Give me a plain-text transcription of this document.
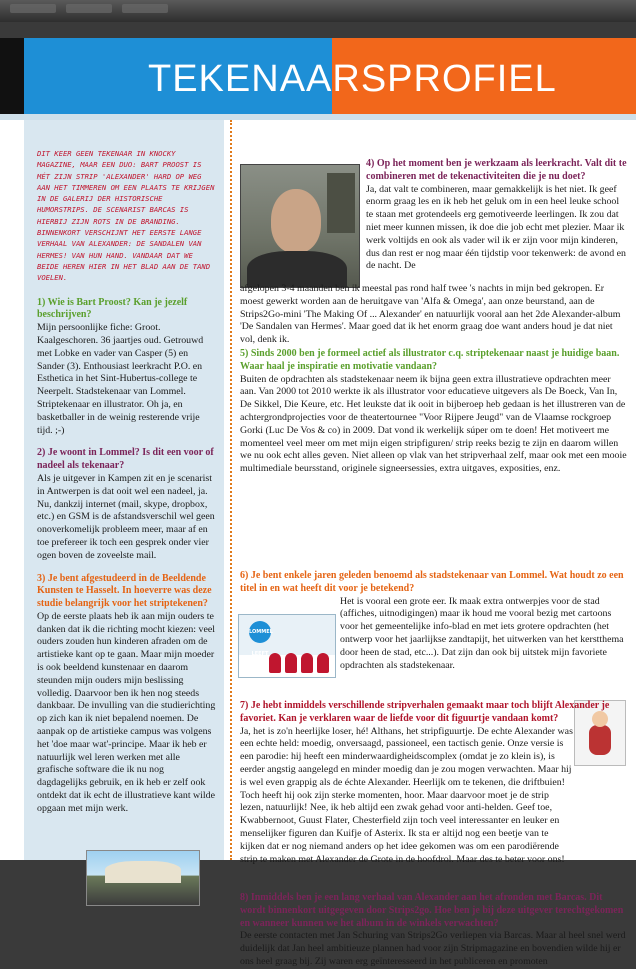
TEKENAARSPROFIEL

DIT KEER GEEN TEKENAAR IN KNOCKY MAGAZINE, MAAR EEN DUO: BART PROOST IS MÉT ZIJN STRIP 'ALEXANDER' HARD OP WEG AAN HET TIMMEREN OM EEN PLAATS TE KRIJGEN IN DE GALERIJ DER HISTORISCHE HUMORSTRIPS. DE SCENARIST BARCAS IS HIERBIJ ZIJN ROTS IN DE BRANDING. BINNENKORT VERSCHIJNT HET EERSTE LANGE VERHAAL VAN ALEXANDER: DE SANDALEN VAN HERMES! VAN HUN HAND. VANDAAR DAT WE BEIDE HEREN HIER IN HET BLAD AAN DE TAND VOELEN.

1) Wie is Bart Proost? Kan je jezelf beschrijven?

Mijn persoonlijke fiche: Groot. Kaalgeschoren. 36 jaartjes oud. Getrouwd met Lobke en vader van Casper (5) en Sander (3). Enthousiast leerkracht P.O. en Esthetica in het Sint-Hubertus-college te Neerpelt. Stadstekenaar van Lommel. Striptekenaar en illustrator. Oh ja, en basketballer in de weinig resterende vrije tijd. ;-)

2) Je woont in Lommel? Is dit een voor of nadeel als tekenaar?

Als je uitgever in Kampen zit en je scenarist in Antwerpen is dat ooit wel een nadeel, ja. Nu, dankzij internet (mail, skype, dropbox, etc.) en GSM is de afstandsverschil wel geen onoverkomelijk probleem meer, maar af en toe prefereer ik toch een gesprek onder vier ogen boven de zoveelste mail.

3) Je bent afgestudeerd in de Beeldende Kunsten te Hasselt. In hoeverre was deze studie belangrijk voor het striptekenen?

Op de eerste plaats heb ik aan mijn ouders te danken dat ik die richting mocht kiezen: veel ouders zouden hun kinderen afraden om de artistieke kant op te gaan. Maar mijn moeder is ook beeldend kunstenaar en daarom steunden mijn ouders mijn beslissing volledig. Daarvoor ben ik hen nog steeds dankbaar. De invulling van die studierichting op zich kan ik niet bepalend noemen. De aanpak op de artistieke campus was volgens het 'doe maar wat'-principe. Maar ik heb er natuurlijk wel leren werken met alle grafische software die ik nu nog dagdagelijks gebruik, en ik heb er zelf ook ontdekt dat ik echt de illustratieve kant wilde opgaan met mijn werk.

4) Op het moment ben je werkzaam als leerkracht. Valt dit te combineren met de tekenactiviteiten die je nu doet?

Ja, dat valt te combineren, maar gemakkelijk is het niet. Ik geef enorm graag les en ik heb het geluk om in een heel leuke school te staan met grotendeels erg gemotiveerde leerlingen. Ik zou dat niet meer kunnen missen, ik doe die job echt met plezier. Maar ik werk voltijds en ook als vader wil ik er zijn voor mijn kinderen, dus dan rest er nog maar één tijdstip voor tekenwerk: de avond en de nacht. De

afgelopen 3-4 maanden ben ik meestal pas rond half twee 's nachts in mijn bed gekropen. Er moest gewerkt worden aan de heruitgave van 'Alfa & Omega', aan onze beurstand, aan de Strips2Go-mini 'The Making Of ... Alexander' en natuurlijk vooral aan het 2de Alexander-album 'De Sandalen van Hermes'. Maar goed dat ik het enorm graag doe want anders houd je dat niet vol, denk ik.

5) Sinds 2000 ben je formeel actief als illustrator c.q. striptekenaar naast je huidige baan. Waar haal je inspiratie en motivatie vandaan?

Buiten de opdrachten als stadstekenaar neem ik bijna geen extra illustratieve opdrachten meer aan. Van 2000 tot 2010 werkte ik als illustrator voor educatieve uitgevers als De Boeck, Van In, De Sikkel, Die Keure, etc. Het leukste dat ik ooit in bijberoep heb gedaan is het illustreren van de achtergrondprojecties voor de theatertournee "Voor Rijpere Jeugd" van de Vlaamse rockgroep Gorki (Luc De Vos & co) in 2009. Dat vond ik werkelijk súper om te doen! Het motiveert me momenteel veel meer om met mijn eigen stripfiguren/ strip reeks bezig te zijn en daarom willen we nu ook echt alles geven. Niet alleen op vlak van het stripverhaal zelf, maar ook met een mooie multimediale beursstand, originele signeersessies, extra uitgaves, exposities, enz.

LOMMEL LEEFT

6) Je bent enkele jaren geleden benoemd als stadstekenaar van Lommel. Wat houdt zo een titel in en wat heeft dit voor je betekend?

Het is vooral een grote eer. Ik maak extra ontwerpjes voor de stad (affiches, uitnodigingen) maar ik houd me vooral bezig met cartoons voor het gemeentelijke info-blad en met iets grotere opdrachten (het ontwerp voor het jaarlijkse zandtapijt, het uitwerken van het kerstthema door heen de stad, etc...). Dat zijn dan ook bij uitstek mijn favoriete opdrachten als stadstekenaar.

7) Je hebt inmiddels verschillende stripverhalen gemaakt maar toch blijft Alexander je favoriet. Kan je verklaren waar de liefde voor dit figuurtje vandaan komt?

Ja, het is zo'n heerlijke loser, hé! Althans, het stripfiguurtje. De echte Alexander was een echte held: moedig, onversaagd, passioneel, een tactisch genie. Onze versie is een parodie: hij heeft een minderwaardigheidscomplex (omdat je zo klein is), is eerder angstig aangelegd en minder moedig dan je zou mogen verwachten. Maar hij is wel even grappig als de échte Alexander. Heerlijk om te tekenen, die driftbuien! Toch heeft hij ook zijn sterke momenten, hoor. Maar daarvoor moet je de strip lezen, natuurlijk! Nee, ik heb altijd een zwak gehad voor anti-helden. Geef toe, Kwabbernoot, Guust Flater, Chesterfield zijn toch veel interessanter en leuker en menselijker figuren dan Kuifje of Asterix. Ik sta er altijd nog een beetje van te kijken dat er nog niemand anders op het idee gekomen was om een parodiërende strip te maken met Alexander de Grote in de hoofdrol. Maar des te beter voor ons!

8) Inmiddels ben je een lang verhaal van Alexander aan het afronden met Barcas. Dit wordt binnenkort uitgegeven door Strips2go. Hoe ben je bij deze uitgever terechtgekomen en wanneer kunnen we het album in de winkels verwachten?

De eerste contacten met Jan Schuring van Strips2Go verliepen via Barcas. Maar al heel snel werd duidelijk dat Jan heel ambitieuze plannen had voor zijn Stripmagazine en bovendien wilde hij er ons heel graag bij. Zij waren erg geïnteresseerd in het publiceren en promoten
